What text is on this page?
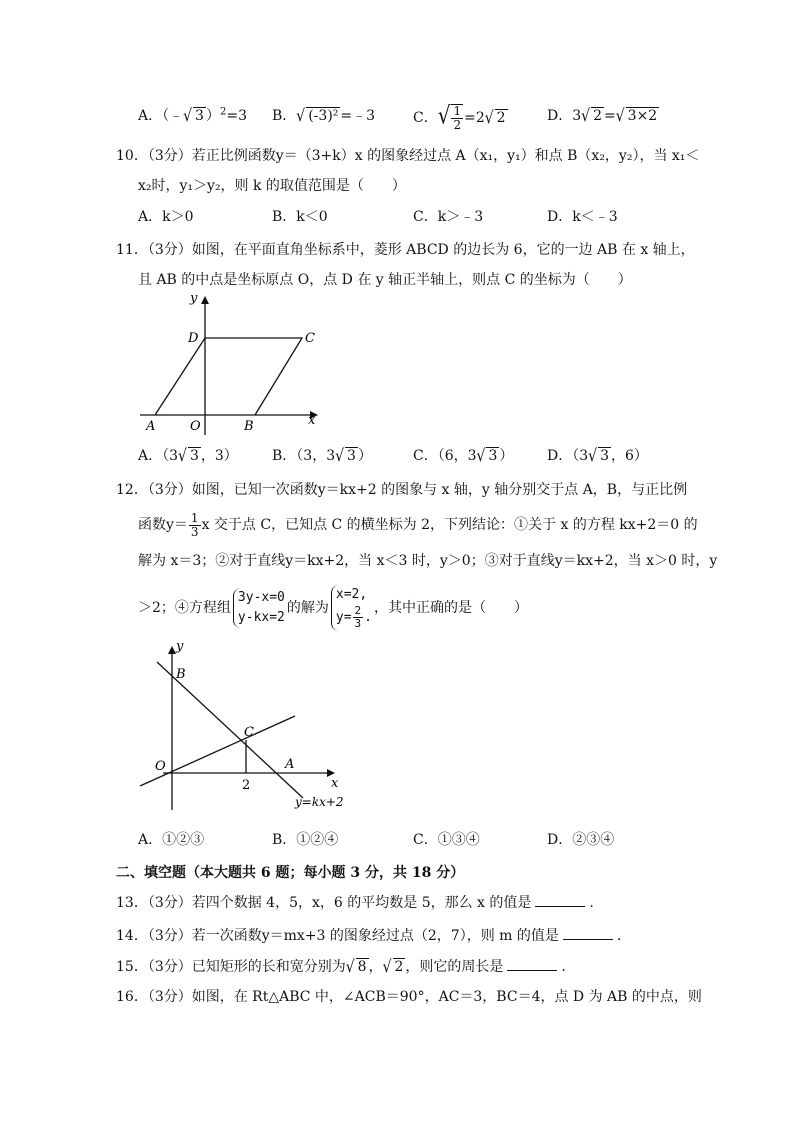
A．（﹣√ 3 ）$^2$=3 B．√ (-3)² =﹣3	C．√ $\frac{1}{2} =2√$ 2	D．3√ 2 =√ 3×2
10．（3分）若正比例函数y＝（3+k）x 的图象经过点 A（x₁，y₁）和点 B（x₂，y₂），当 x₁＜
x₂时，y₁＞y₂，则 k 的取值范围是（　　）
A．k＞0	B．k＜0	C．k＞﹣3	D．k＜﹣3
11．（3分）如图，在平面直角坐标系中，菱形 ABCD 的边长为 6，它的一边 AB 在 x 轴上，
且 AB 的中点是坐标原点 O，点 D 在 y 轴正半轴上，则点 C 的坐标为（　　）
y
x
D	C
A	O	B
A．（3√ 3 ，3） B．（3，3√ 3 ）	C．（6，3√ 3 ） D．（3√ 3 ，6）
12．（3分）如图，已知一次函数y＝kx+2 的图象与 x 轴，y 轴分别交于点 A，B，与正比例
函数$y= \frac{1}{3}$ x 交于点 C，已知点 C 的横坐标为 2，下列结论：①关于 x 的方程 kx+2＝0 的
解为 x＝3；②对于直线y＝kx+2，当 x＜3 时，y＞0；③对于直线y＝kx+2，当 x＞0 时，y
＞2；④方程组
3y-x=0
y-kx=2
的解为
x=2,
$y= \frac{2}{3}$ .
，其中正确的是（　　）
y
x
B
C
O	A
2
y=kx+2
A．①②③	B．①②④	C．①③④	D．②③④
二、填空题（本大题共 6 题；每小题 3 分，共 18 分）
13．（3分）若四个数据 4，5，x，6 的平均数是 5，那么 x 的值是	.
14．（3分）若一次函数y＝mx+3 的图象经过点（2，7），则 m 的值是	.
15．（3分）已知矩形的长和宽分别为√ 8 ，√ 2 ，则它的周长是	.
16．（3分）如图，在 Rt△ABC 中，∠ACB＝90°，AC＝3，BC＝4，点 D 为 AB 的中点，则
